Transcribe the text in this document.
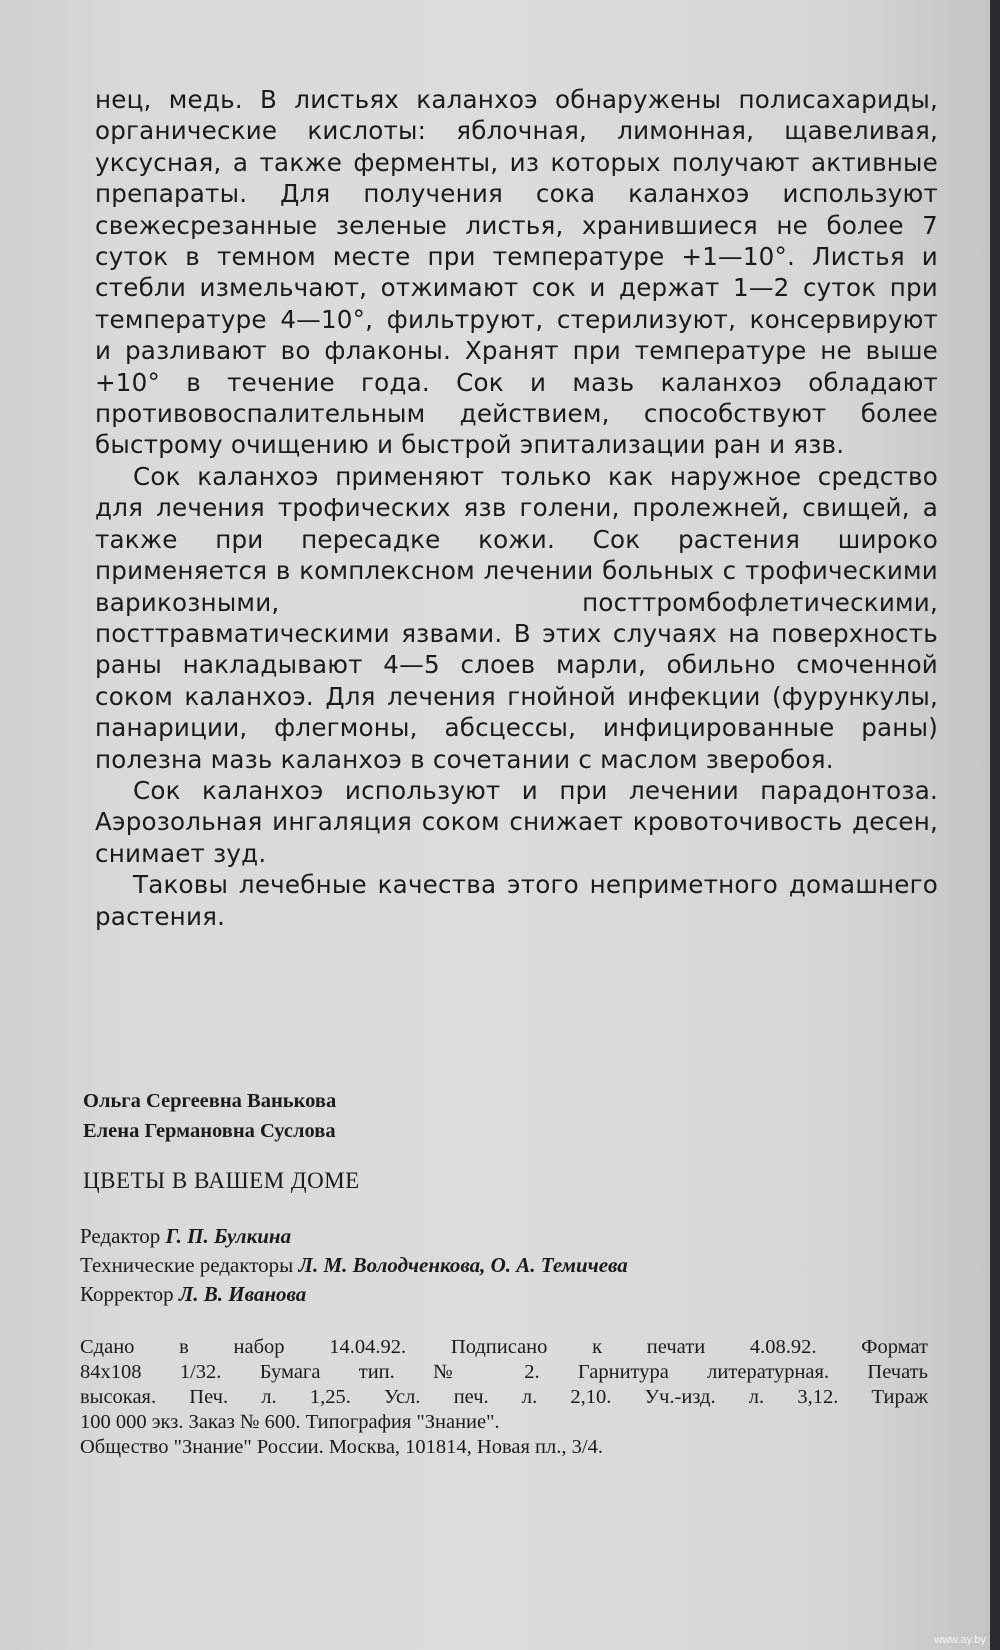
нец, медь. В листьях каланхоэ обнаружены полисахариды, органические кислоты: яблочная, лимонная, щавеливая, уксусная, а также ферменты, из которых получают активные препараты. Для получения сока каланхоэ используют свежесрезанные зеленые листья, хранившиеся не более 7 суток в темном месте при температуре +1—10°. Листья и стебли измельчают, отжимают сок и держат 1—2 суток при температуре 4—10°, фильтруют, стерилизуют, консервируют и разливают во флаконы. Хранят при температуре не выше +10° в течение года. Сок и мазь каланхоэ обладают противовоспалительным действием, способствуют более быстрому очищению и быстрой эпитализации ран и язв.

Сок каланхоэ применяют только как наружное средство для лечения трофических язв голени, пролежней, свищей, а также при пересадке кожи. Сок растения широко применяется в комплексном лечении больных с трофическими варикозными, посттромбофлетическими, посттравматическими язвами. В этих случаях на поверхность раны накладывают 4—5 слоев марли, обильно смоченной соком каланхоэ. Для лечения гнойной инфекции (фурункулы, панариции, флегмоны, абсцессы, инфицированные раны) полезна мазь каланхоэ в сочетании с маслом зверобоя.

Сок каланхоэ используют и при лечении парадонтоза. Аэрозольная ингаляция соком снижает кровоточивость десен, снимает зуд.

Таковы лечебные качества этого неприметного домашнего растения.

Ольга Сергеевна Ванькова
Елена Германовна Суслова
ЦВЕТЫ В ВАШЕМ ДОМЕ
Редактор Г. П. Булкина
Технические редакторы Л. М. Володченкова, О. А. Темичева
Корректор Л. В. Иванова
Сдано в набор 14.04.92. Подписано к печати 4.08.92. Формат
84x108 1/32. Бумага тип. № 2. Гарнитура литературная. Печать
высокая. Печ. л. 1,25. Усл. печ. л. 2,10. Уч.-изд. л. 3,12. Тираж
100 000 экз. Заказ № 600. Типография "Знание".
Общество "Знание" России. Москва, 101814, Новая пл., 3/4.
www.ay.by
